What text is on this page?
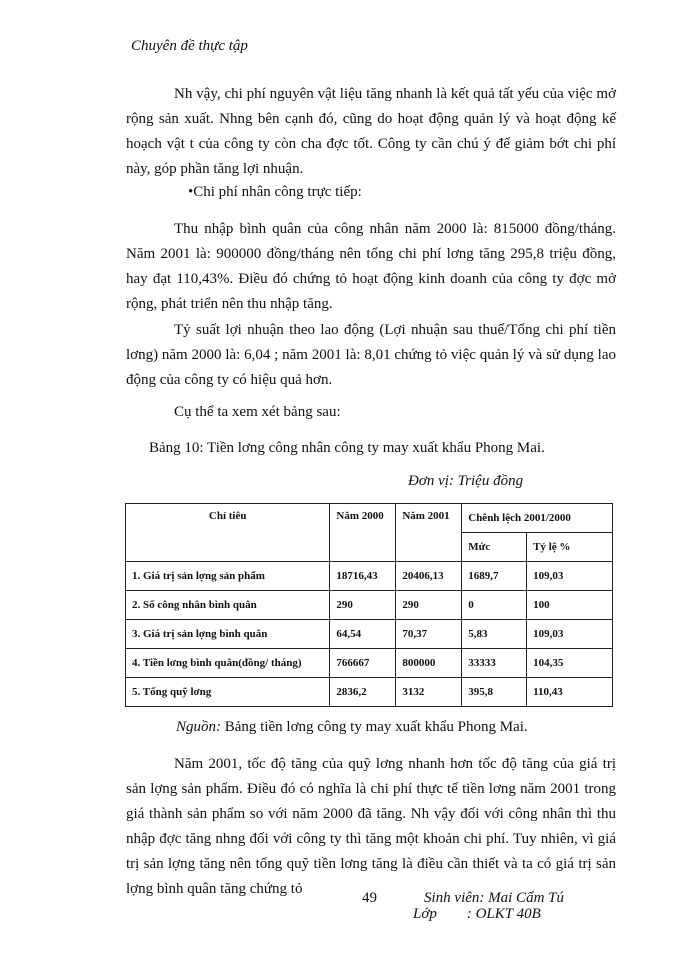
Chuyên đề thực tập

Nh vậy, chi phí nguyên vật liệu tăng nhanh là kết quả tất yếu của việc mở rộng sản xuất. Nhng bên cạnh đó, cũng do hoạt động quản lý và hoạt động kế hoạch vật t của công ty còn cha đợc tốt. Công ty cần chú ý để giảm bớt chi phí này, góp phần tăng lợi nhuận.

•Chi phí nhân công trực tiếp:

Thu nhập bình quân của công nhân năm 2000 là: 815000 đồng/tháng. Năm 2001 là: 900000 đồng/tháng nên tổng chi phí lơng tăng 295,8 triệu đồng, hay đạt 110,43%. Điều đó chứng tỏ hoạt động kinh doanh của công ty đợc mở rộng, phát triển nên thu nhập tăng.

Tỷ suất lợi nhuận theo lao động (Lợi nhuận sau thuế/Tổng chi phí tiền lơng) năm 2000 là: 6,04 ; năm 2001 là: 8,01 chứng tỏ việc quản lý và sử dụng lao động của công ty có hiệu quả hơn.

Cụ thể ta xem xét bảng sau:

Bảng 10: Tiền lơng công nhân công ty may xuất khẩu Phong Mai.
Đơn vị: Triệu đồng
Chỉ tiêu	Năm 2000	Năm 2001	Chênh lệch 2001/2000	
			Mức	Tỷ lệ %
1. Giá trị sản lợng sản phẩm	18716,43	20406,13	1689,7	109,03
2. Số công nhân bình quân	290	290	0	100
3. Giá trị sản lợng bình quân	64,54	70,37	5,83	109,03
4. Tiền lơng bình quân(đồng/ tháng)	766667	800000	33333	104,35
5. Tổng quỹ lơng	2836,2	3132	395,8	110,43
Nguồn: Bảng tiền lơng công ty may xuất khẩu Phong Mai.

Năm 2001, tốc độ tăng của quỹ lơng nhanh hơn tốc độ tăng của giá trị sản lợng sản phẩm. Điều đó có nghĩa là chi phí thực tế tiền lơng năm 2001 trong giá thành sản phẩm so với năm 2000 đã tăng. Nh vậy đối với công nhân thì thu nhập đợc tăng nhng đối với công ty thì tăng một khoản chi phí. Tuy nhiên, vì giá trị sản lợng tăng nên tổng quỹ tiền lơng tăng là điều cần thiết và ta có giá trị sản lợng bình quân tăng chứng tỏ

49	Sinh viên: Mai Cẩm Tú
Lớp        : OLKT 40B
